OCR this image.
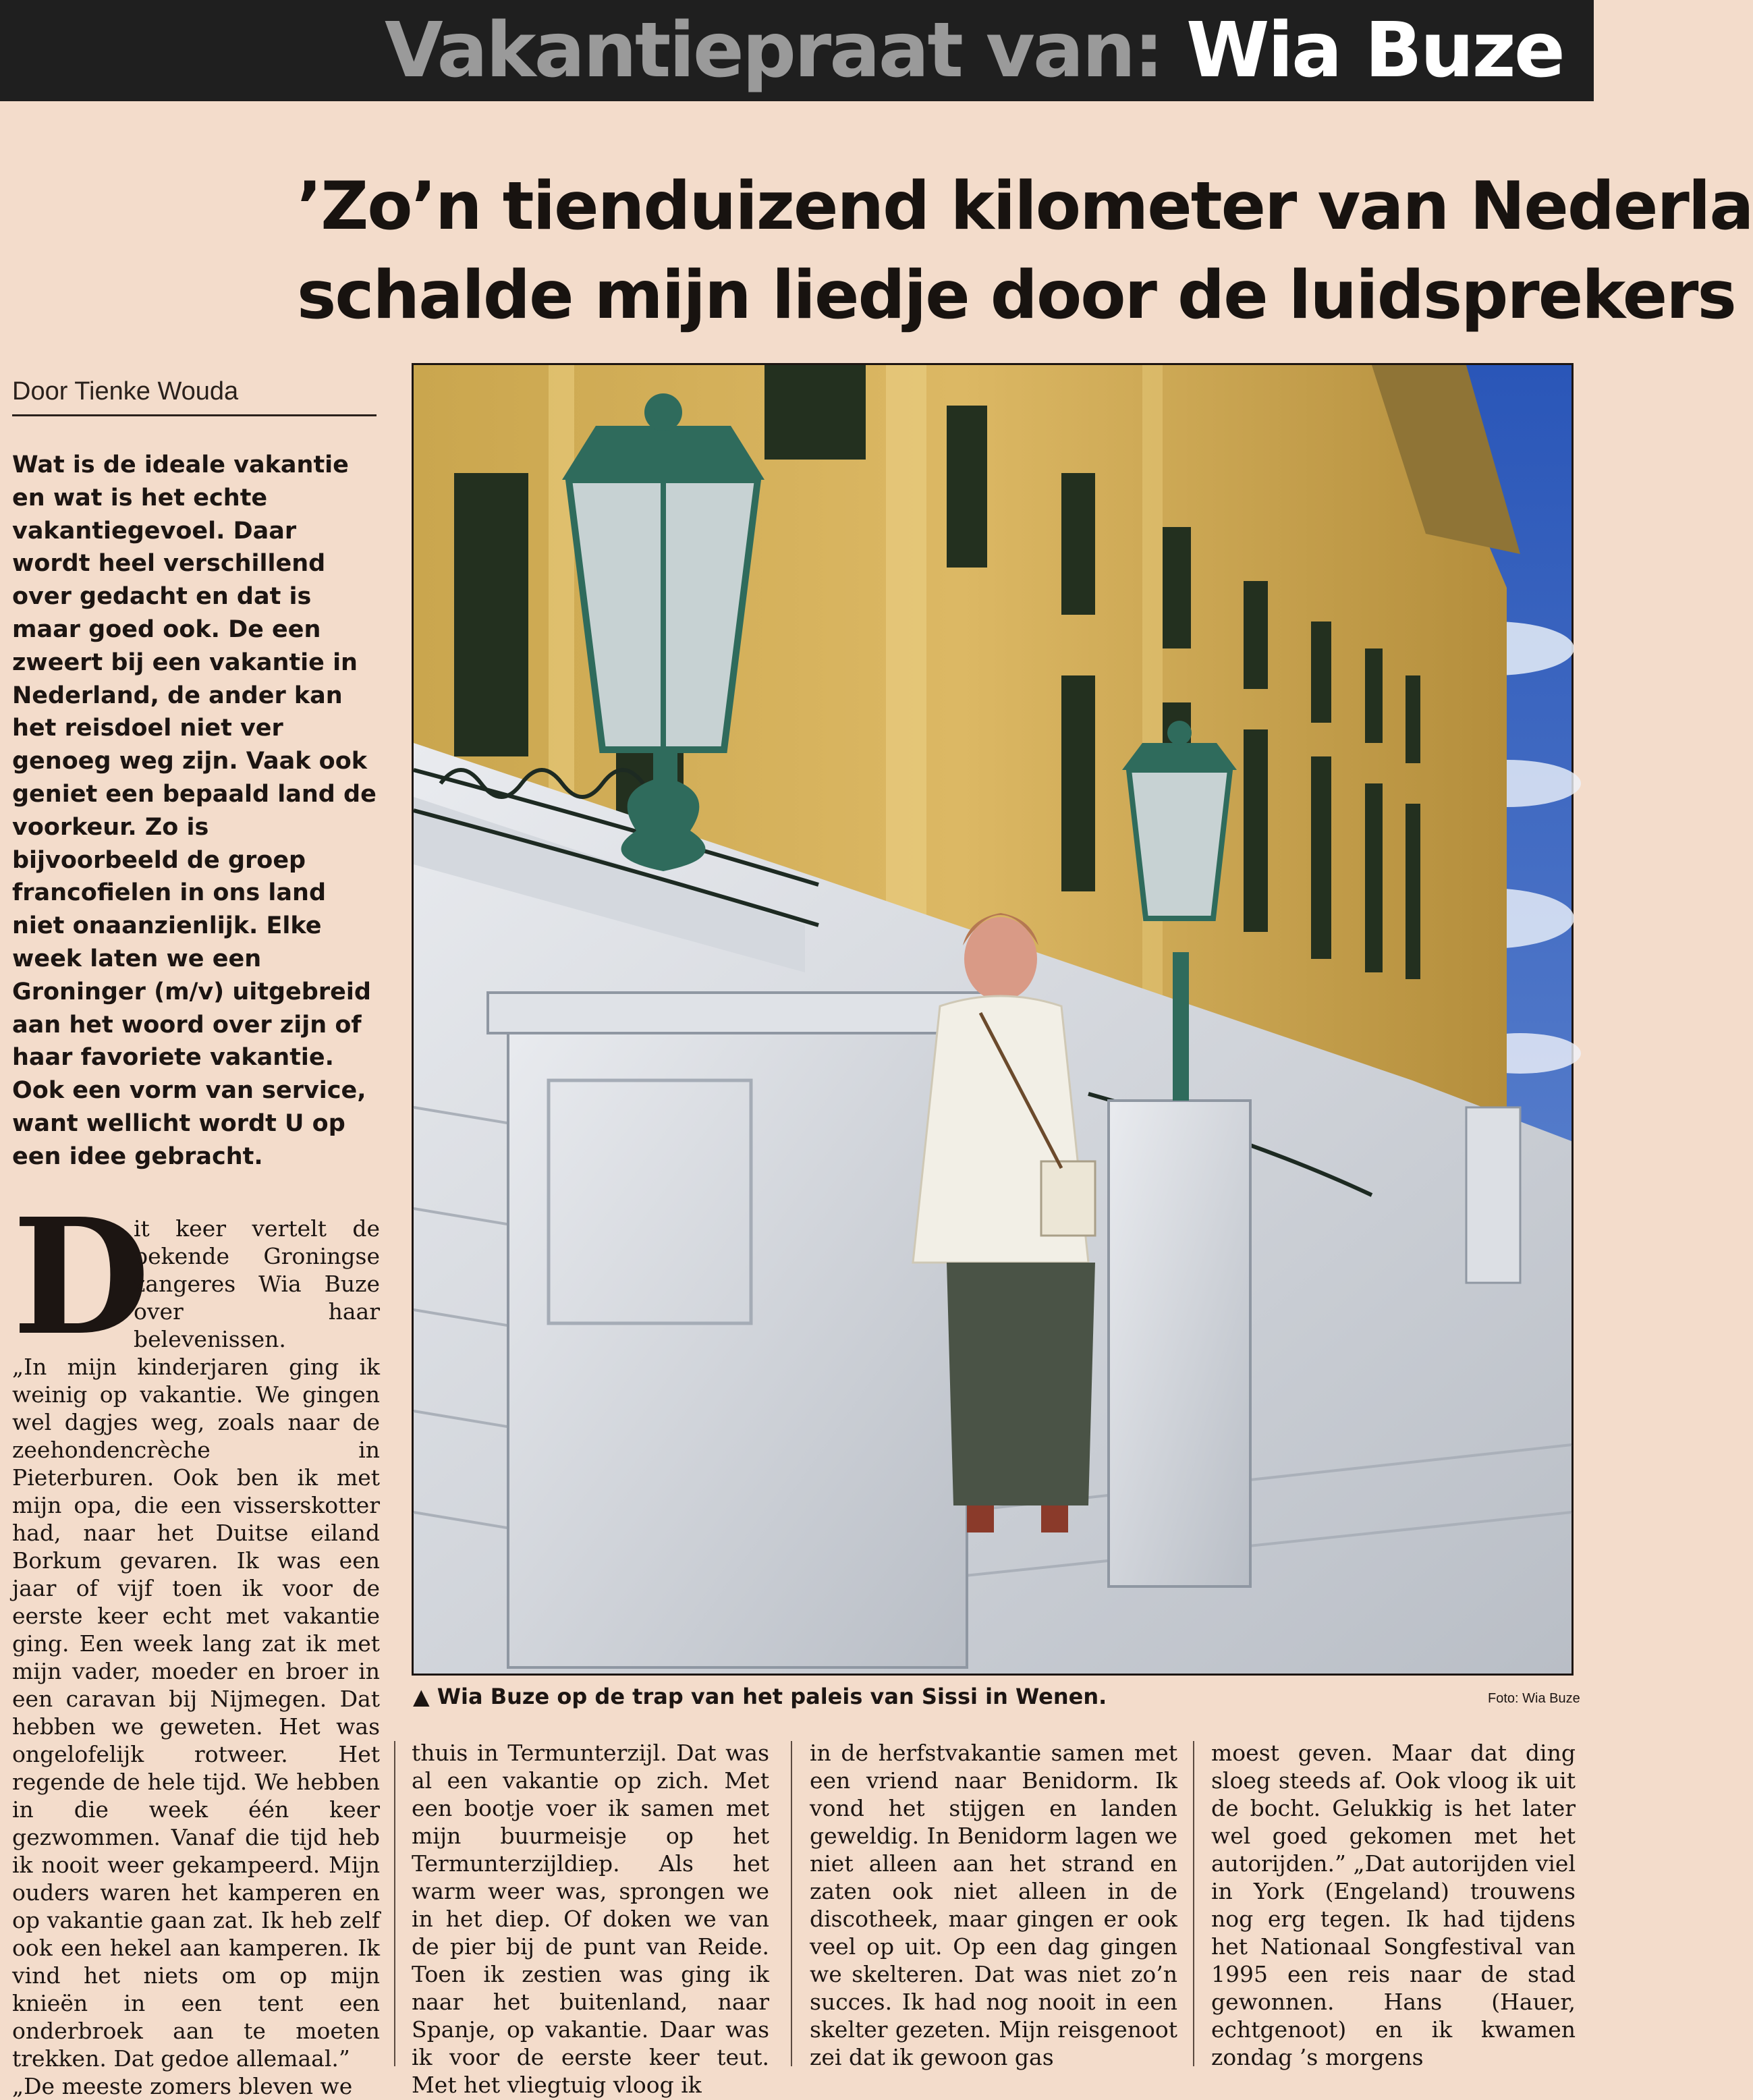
Vakantiepraat van: Wia Buze
’Zo’n tienduizend kilometer van Nederla
schalde mijn liedje door de luidsprekers
Door Tienke Wouda
Wat is de ideale vakantie en wat is het echte vakantiegevoel. Daar wordt heel verschillend over gedacht en dat is maar goed ook. De een zweert bij een vakantie in Nederland, de ander kan het reisdoel niet ver genoeg weg zijn. Vaak ook geniet een bepaald land de voorkeur. Zo is bijvoorbeeld de groep francofielen in ons land niet onaanzienlijk. Elke week laten we een Groninger (m/v) uitgebreid aan het woord over zijn of haar favoriete vakantie. Ook een vorm van service, want wellicht wordt U op een idee gebracht.
▲ Wia Buze op de trap van het paleis van Sissi in Wenen.	Foto: Wia Buze
D
it keer vertelt de bekende Groningse zangeres Wia Buze over haar belevenissen.
„In mijn kinderjaren ging ik weinig op vakantie. We gingen wel dagjes weg, zoals naar de zeehondencrèche in Pieterburen. Ook ben ik met mijn opa, die een visserskotter had, naar het Duitse eiland Borkum gevaren. Ik was een jaar of vijf toen ik voor de eerste keer echt met vakantie ging. Een week lang zat ik met mijn vader, moeder en broer in een caravan bij Nijmegen. Dat hebben we geweten. Het was ongelofelijk rotweer. Het regende de hele tijd. We hebben in die week één keer gezwommen. Vanaf die tijd heb ik nooit weer gekampeerd. Mijn ouders waren het kamperen en op vakantie gaan zat. Ik heb zelf ook een hekel aan kamperen. Ik vind het niets om op mijn knieën in een tent een onderbroek aan te moeten trekken. Dat gedoe allemaal.”
„De meeste zomers bleven we
thuis in Termunterzijl. Dat was al een vakantie op zich. Met een bootje voer ik samen met mijn buurmeisje op het Termunterzijldiep. Als het warm weer was, sprongen we in het diep. Of doken we van de pier bij de punt van Reide. Toen ik zestien was ging ik naar het buitenland, naar Spanje, op vakantie. Daar was ik voor de eerste keer teut. Met het vliegtuig vloog ik
in de herfstvakantie samen met een vriend naar Benidorm. Ik vond het stijgen en landen geweldig. In Benidorm lagen we niet alleen aan het strand en zaten ook niet alleen in de discotheek, maar gingen er ook veel op uit. Op een dag gingen we skelteren. Dat was niet zo’n succes. Ik had nog nooit in een skelter gezeten. Mijn reisgenoot zei dat ik gewoon gas
moest geven. Maar dat ding sloeg steeds af. Ook vloog ik uit de bocht. Gelukkig is het later wel goed gekomen met het autorijden.” „Dat autorijden viel in York (Engeland) trouwens nog erg tegen. Ik had tijdens het Nationaal Songfestival van 1995 een reis naar de stad gewonnen. Hans (Hauer, echtgenoot) en ik kwamen zondag ’s morgens
